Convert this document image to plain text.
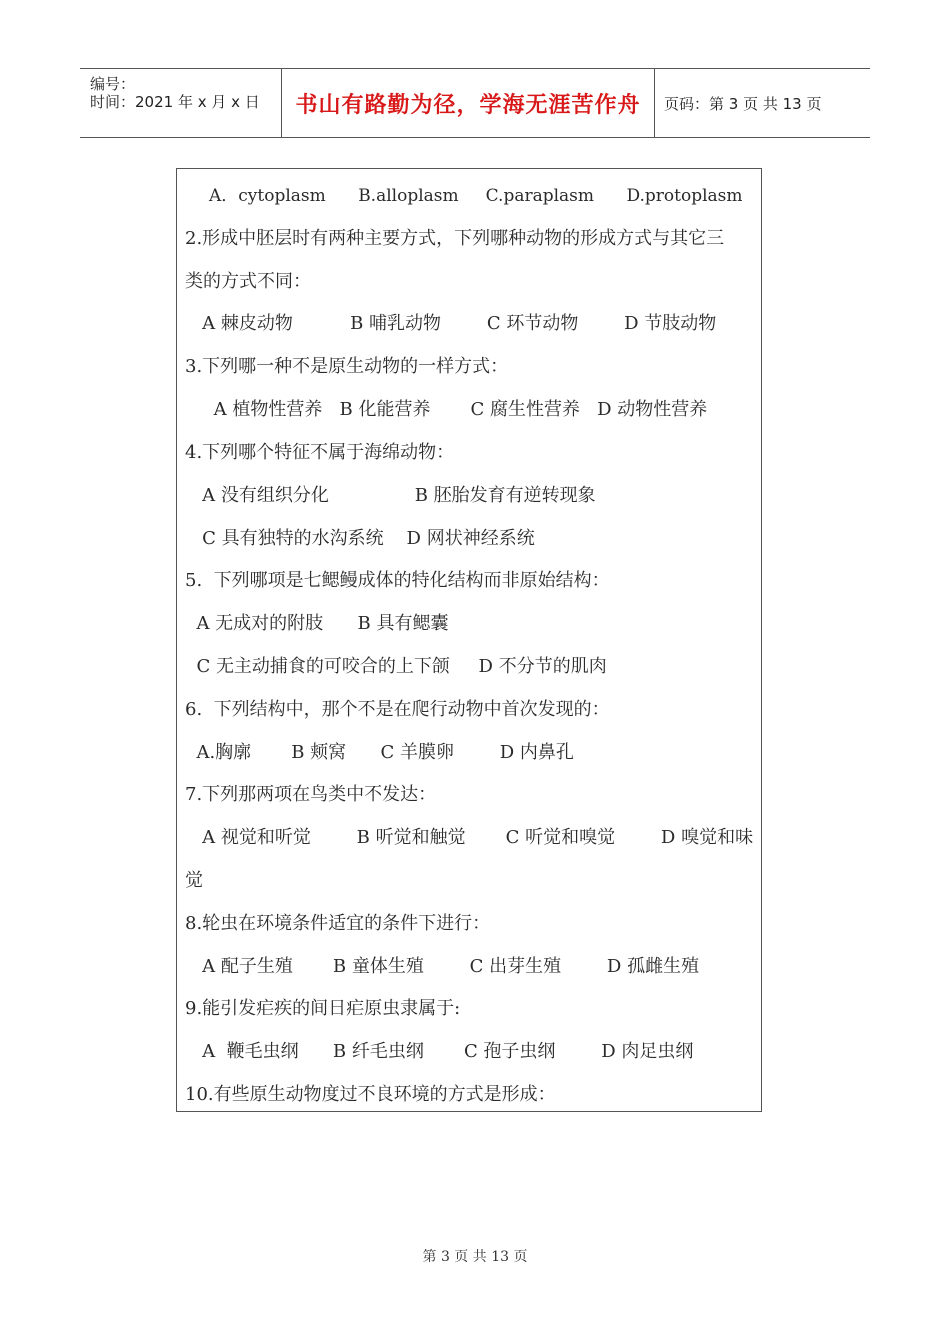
编号：
时间：2021 年 x 月 x 日 书山有路勤为径，学海无涯苦作舟 页码：第 3 页 共 13 页
A．cytoplasm      B.alloplasm     C.paraplasm      D.protoplasm
2.形成中胚层时有两种主要方式，下列哪种动物的形成方式与其它三
类的方式不同：
A 棘皮动物          B 哺乳动物        C 环节动物        D 节肢动物
3.下列哪一种不是原生动物的一样方式：
A 植物性营养   B 化能营养       C 腐生性营养   D 动物性营养
4.下列哪个特征不属于海绵动物：
A 没有组织分化               B 胚胎发育有逆转现象
C 具有独特的水沟系统    D 网状神经系统
5.  下列哪项是七鳃鳗成体的特化结构而非原始结构：
A 无成对的附肢      B 具有鳃囊
C 无主动捕食的可咬合的上下颌     D 不分节的肌肉
6.  下列结构中，那个不是在爬行动物中首次发现的：
A.胸廓       B 颊窝      C 羊膜卵        D 内鼻孔
7.下列那两项在鸟类中不发达：
A 视觉和听觉        B 听觉和触觉       C 听觉和嗅觉        D 嗅觉和味
觉
8.轮虫在环境条件适宜的条件下进行：
A 配子生殖       B 童体生殖        C 出芽生殖        D 孤雌生殖
9.能引发疟疾的间日疟原虫隶属于:
A  鞭毛虫纲      B 纤毛虫纲       C 孢子虫纲        D 肉足虫纲
10.有些原生动物度过不良环境的方式是形成：
第 3 页 共 13 页
